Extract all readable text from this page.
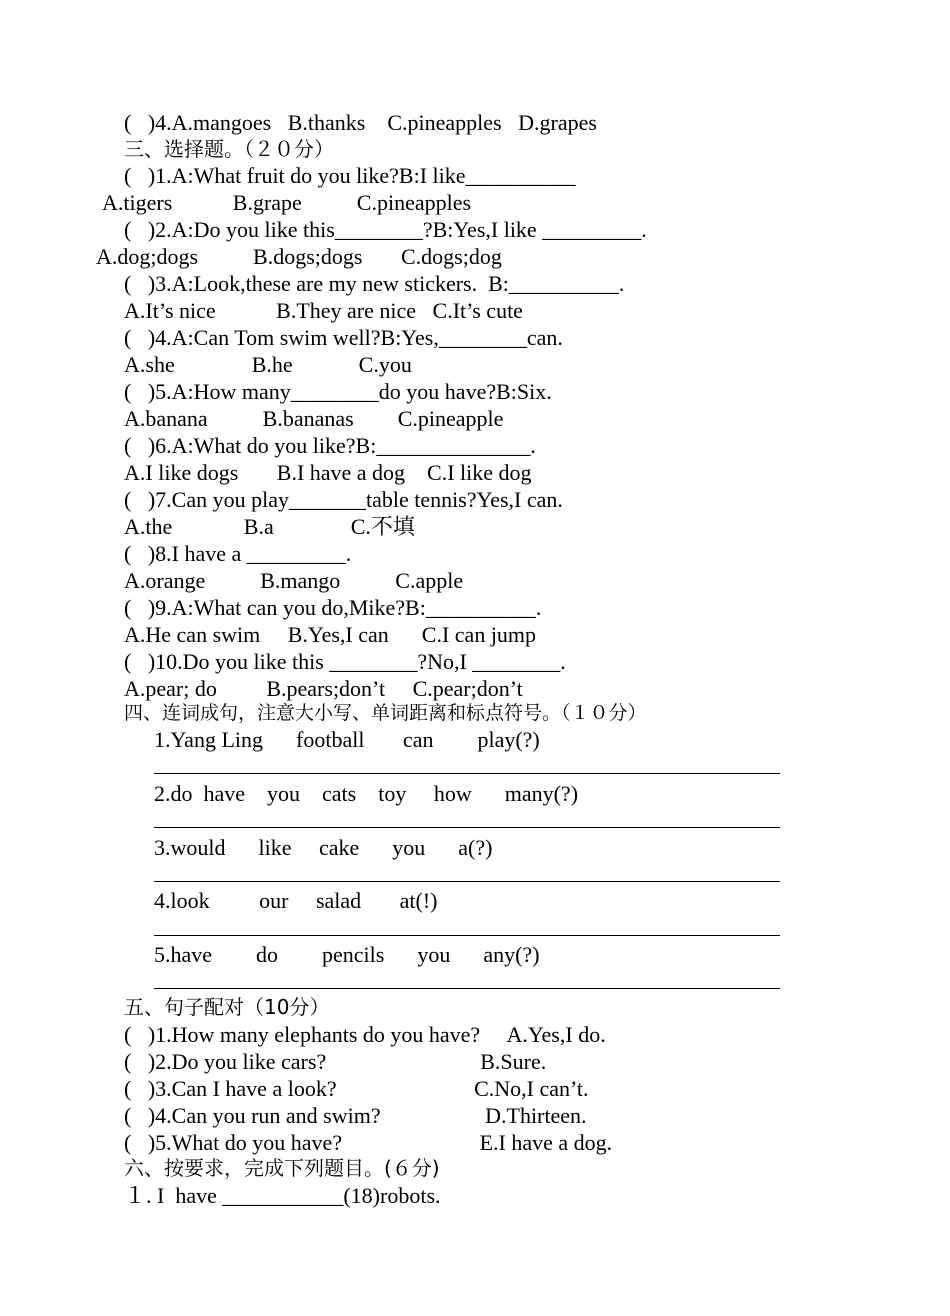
(   )4.A.mangoes   B.thanks    C.pineapples   D.grapes
三、选择题。（２０分）
(   )1.A:What fruit do you like?B:I like__________
A.tigers           B.grape          C.pineapples
(   )2.A:Do you like this________?B:Yes,I like _________.
A.dog;dogs          B.dogs;dogs       C.dogs;dog
(   )3.A:Look,these are my new stickers.  B:__________.
A.It’s nice           B.They are nice   C.It’s cute
(   )4.A:Can Tom swim well?B:Yes,________can.
A.she              B.he            C.you
(   )5.A:How many________do you have?B:Six.
A.banana          B.bananas        C.pineapple
(   )6.A:What do you like?B:______________.
A.I like dogs       B.I have a dog    C.I like dog
(   )7.Can you play_______table tennis?Yes,I can.
A.the             B.a              C.不填
(   )8.I have a _________.
A.orange          B.mango          C.apple
(   )9.A:What can you do,Mike?B:__________.
A.He can swim     B.Yes,I can      C.I can jump
(   )10.Do you like this ________?No,I ________.
A.pear; do         B.pears;don’t     C.pear;don’t
四、连词成句，注意大小写、单词距离和标点符号。（１０分）
1.Yang Ling      football       can        play(?)
2.do  have    you    cats    toy     how      many(?)
3.would      like     cake      you      a(?)
4.look         our     salad       at(!)
5.have        do        pencils      you      any(?)
五、句子配对（10分）
(   )1.How many elephants do you have?     A.Yes,I do.
(   )2.Do you like cars?                            B.Sure.
(   )3.Can I have a look?                         C.No,I can’t.
(   )4.Can you run and swim?                   D.Thirteen.
(   )5.What do you have?                         E.I have a dog.
六、按要求，完成下列题目。(６分)
１. I  have ___________(18)robots.
